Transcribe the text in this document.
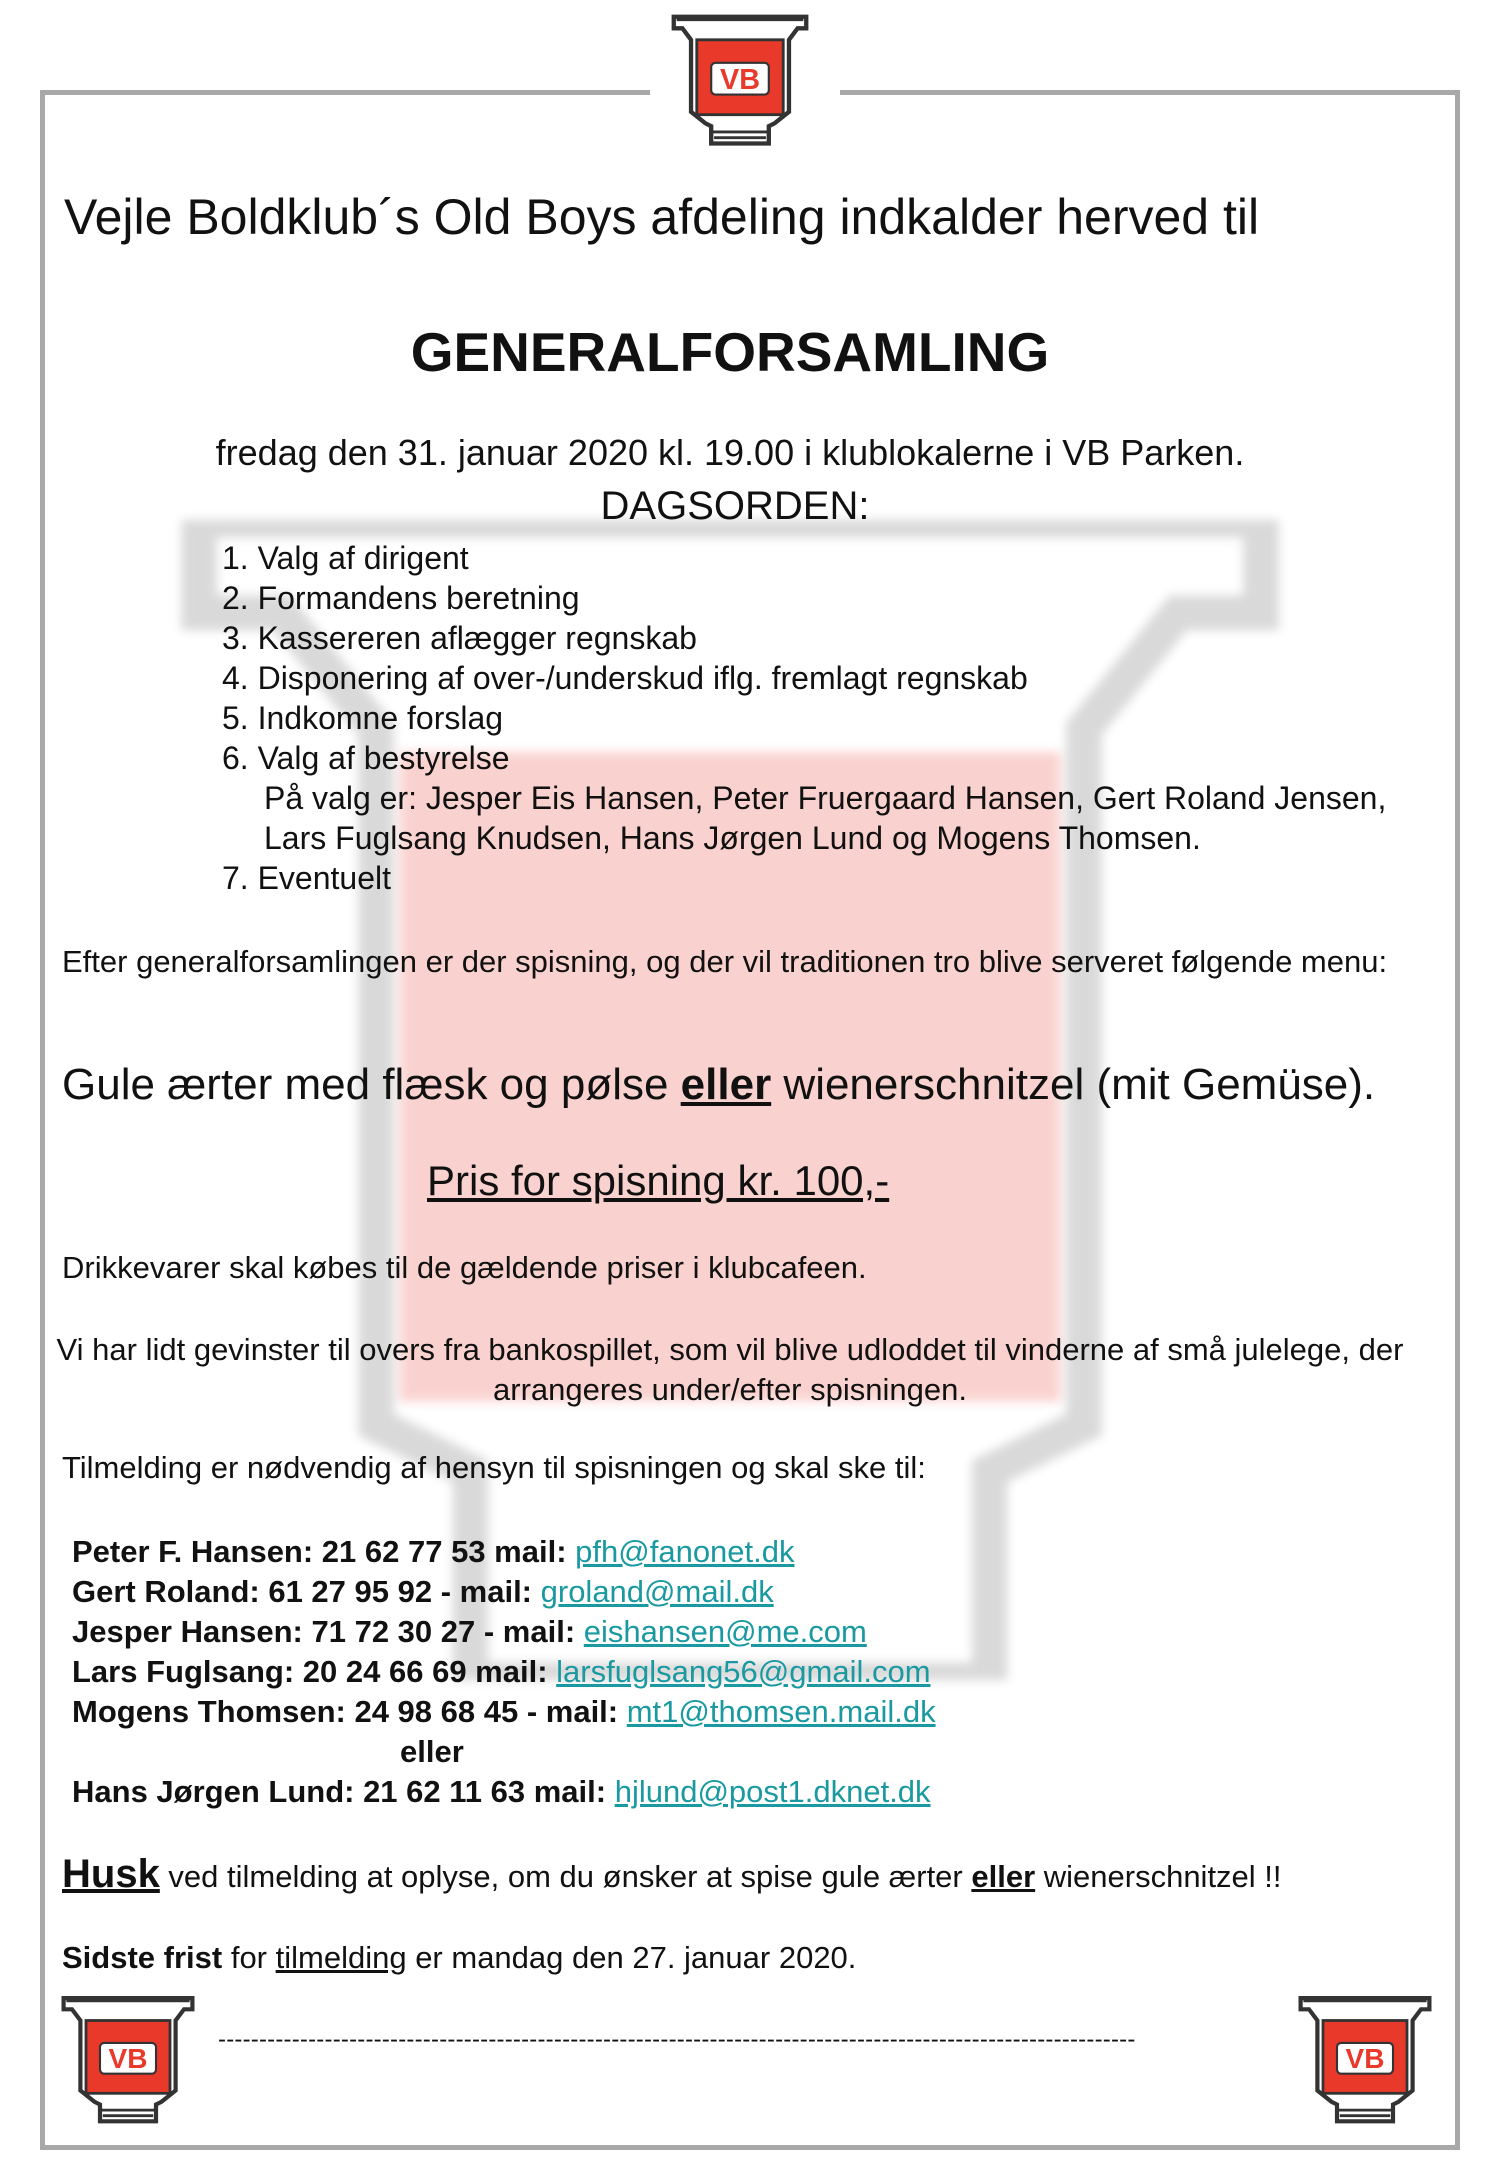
Vejle Boldklub´s Old Boys afdeling indkalder herved til
GENERALFORSAMLING
fredag den 31. januar 2020 kl. 19.00 i klublokalerne i VB Parken.
DAGSORDEN:
1. Valg af dirigent
2. Formandens beretning
3. Kassereren aflægger regnskab
4. Disponering af over-/underskud iflg. fremlagt regnskab
5. Indkomne forslag
6. Valg af bestyrelse
På valg er: Jesper Eis Hansen, Peter Fruergaard Hansen, Gert Roland Jensen,
Lars Fuglsang Knudsen, Hans Jørgen Lund og Mogens Thomsen.
7. Eventuelt
Efter generalforsamlingen er der spisning, og der vil traditionen tro blive serveret følgende menu:
Gule ærter med flæsk og pølse eller wienerschnitzel (mit Gemüse).
Pris for spisning kr. 100,-
Drikkevarer skal købes til de gældende priser i klubcafeen.
Vi har lidt gevinster til overs fra bankospillet, som vil blive udloddet til vinderne af små julelege, der arrangeres under/efter spisningen.
Tilmelding er nødvendig af hensyn til spisningen og skal ske til:
Peter F. Hansen: 21 62 77 53 mail: pfh@fanonet.dk
Gert Roland: 61 27 95 92 - mail: groland@mail.dk
Jesper Hansen: 71 72 30 27 - mail: eishansen@me.com
Lars Fuglsang: 20 24 66 69 mail: larsfuglsang56@gmail.com
Mogens Thomsen: 24 98 68 45 - mail: mt1@thomsen.mail.dk
eller
Hans Jørgen Lund: 21 62 11 63 mail: hjlund@post1.dknet.dk
Husk ved tilmelding at oplyse, om du ønsker at spise gule ærter eller wienerschnitzel !!
Sidste frist for tilmelding er mandag den 27. januar 2020.
----------------------------------------------------------------------------------------------------------------
